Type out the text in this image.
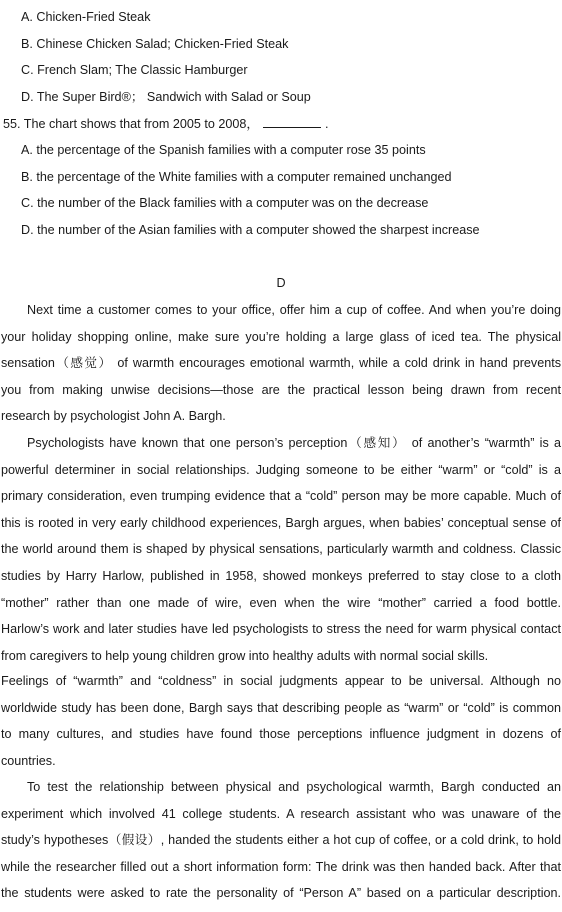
A. Chicken-Fried Steak
B. Chinese Chicken Salad; Chicken-Fried Steak
C. French Slam; The Classic Hamburger
D. The Super Bird®； Sandwich with Salad or Soup
55. The chart shows that from 2005 to 2008，	.
A. the percentage of the Spanish families with a computer rose 35 points
B. the percentage of the White families with a computer remained unchanged
C. the number of the Black families with a computer was on the decrease
D. the number of the Asian families with a computer showed the sharpest increase
D
Next time a customer comes to your office, offer him a cup of coffee. And when you’re doing
your holiday shopping online, make sure you’re holding a large glass of iced tea. The physical
sensation（感觉） of warmth encourages emotional warmth, while a cold drink in hand prevents
you from making unwise decisions—those are the practical lesson being drawn from recent
research by psychologist John A. Bargh.
Psychologists have known that one person’s perception（感知） of another’s “warmth” is a
powerful determiner in social relationships. Judging someone to be either “warm” or “cold” is a
primary consideration, even trumping evidence that a “cold” person may be more capable. Much of
this is rooted in very early childhood experiences, Bargh argues, when babies’ conceptual sense of
the world around them is shaped by physical sensations, particularly warmth and coldness. Classic
studies by Harry Harlow, published in 1958, showed monkeys preferred to stay close to a cloth
“mother” rather than one made of wire, even when the wire “mother” carried a food bottle.
Harlow’s work and later studies have led psychologists to stress the need for warm physical contact
from caregivers to help young children grow into healthy adults with normal social skills.
Feelings of “warmth” and “coldness” in social judgments appear to be universal. Although no
worldwide study has been done, Bargh says that describing people as “warm” or “cold” is common
to many cultures, and studies have found those perceptions influence judgment in dozens of
countries.
To test the relationship between physical and psychological warmth, Bargh conducted an
experiment which involved 41 college students. A research assistant who was unaware of the
study’s hypotheses（假设）, handed the students either a hot cup of coffee, or a cold drink, to hold
while the researcher filled out a short information form: The drink was then handed back. After that
the students were asked to rate the personality of “Person A” based on a particular description.
